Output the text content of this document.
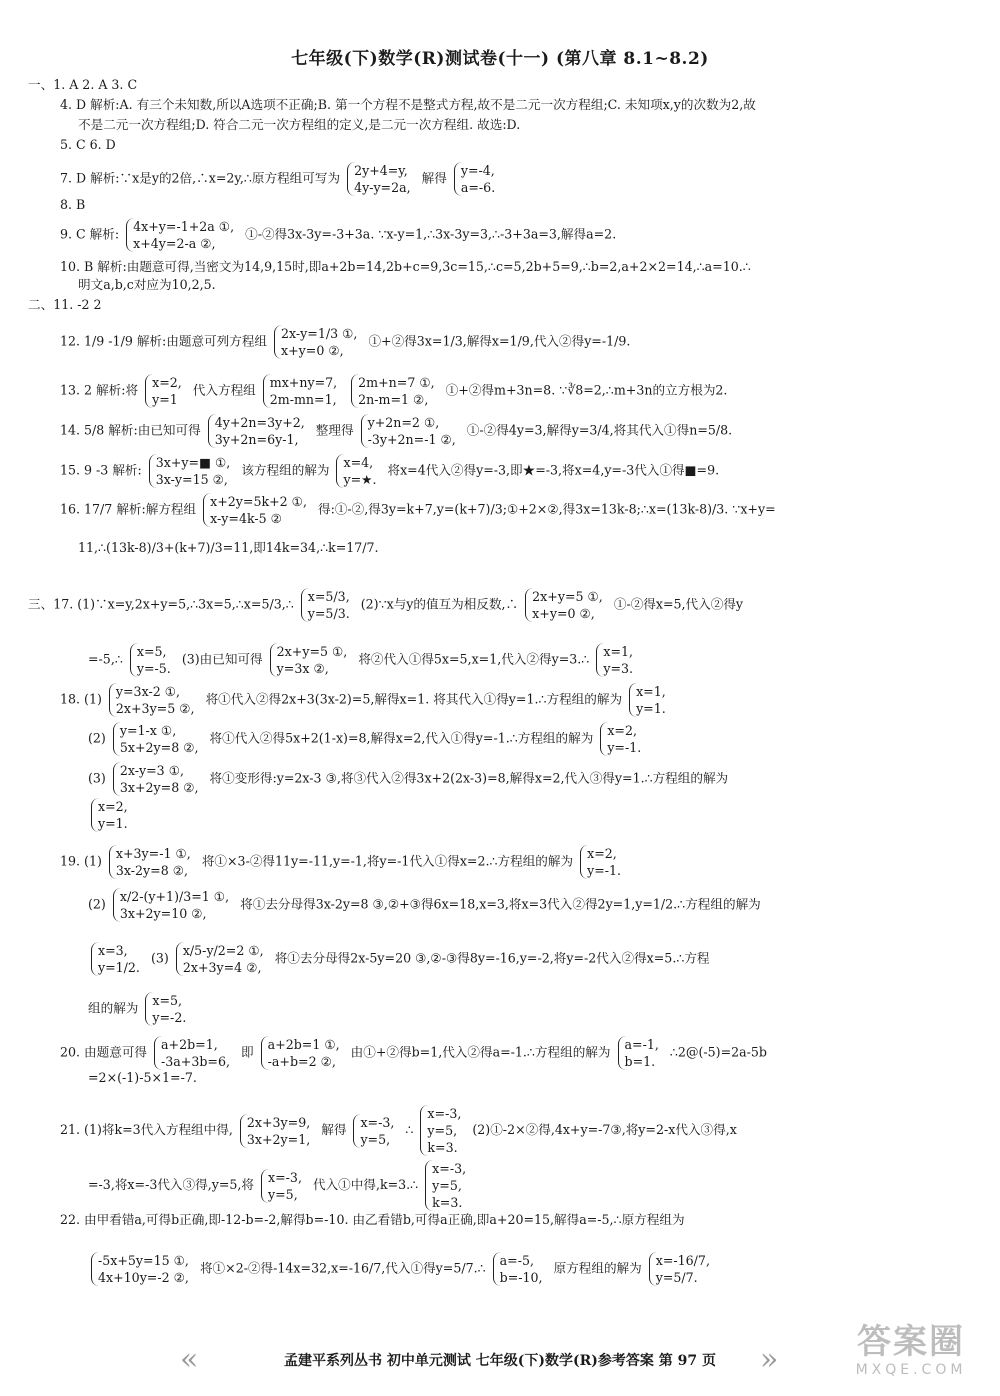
七年级(下)数学(R)测试卷(十一) (第八章 8.1~8.2)
一、1. A 2. A 3. C
4. D 解析:A. 有三个未知数,所以A选项不正确;B. 第一个方程不是整式方程,故不是二元一次方程组;C. 未知项x,y的次数为2,故
不是二元一次方程组;D. 符合二元一次方程组的定义,是二元一次方程组. 故选:D.
5. C 6. D
7. D 解析:∵x是y的2倍,∴x=2y,∴原方程组可写为 2y+4=y,
4y-y=2a,
解得 y=-4,
a=-6.
8. B
9. C 解析: 4x+y=-1+2a ①,
x+4y=2-a ②,
①-②得3x-3y=-3+3a. ∵x-y=1,∴3x-3y=3,∴-3+3a=3,解得a=2.
10. B 解析:由题意可得,当密文为14,9,15时,即a+2b=14,2b+c=9,3c=15,∴c=5,2b+5=9,∴b=2,a+2×2=14,∴a=10.∴
明文a,b,c对应为10,2,5.
二、11. -2 2
12. 1/9 -1/9 解析:由题意可列方程组 2x-y=1/3 ①,
x+y=0 ②,
①+②得3x=1/3,解得x=1/9,代入②得y=-1/9.
13. 2 解析:将 x=2,
y=1
代入方程组 mx+ny=7,
2m-mn=1,

2m+n=7 ①,
2n-m=1 ②,
①+②得m+3n=8. ∵∛8=2,∴m+3n的立方根为2.
14. 5/8 解析:由已知可得 4y+2n=3y+2,
3y+2n=6y-1,
整理得 y+2n=2 ①,
-3y+2n=-1 ②,
①-②得4y=3,解得y=3/4,将其代入①得n=5/8.
15. 9 -3 解析: 3x+y=■ ①,
3x-y=15 ②,
该方程组的解为 x=4,
y=★.
将x=4代入②得y=-3,即★=-3,将x=4,y=-3代入①得■=9.
16. 17/7 解析:解方程组 x+2y=5k+2 ①,
x-y=4k-5 ②
得:①-②,得3y=k+7,y=(k+7)/3;①+2×②,得3x=13k-8;∴x=(13k-8)/3. ∵x+y=
11,∴(13k-8)/3+(k+7)/3=11,即14k=34,∴k=17/7.
三、17. (1)∵x=y,2x+y=5,∴3x=5,∴x=5/3,∴ x=5/3,
y=5/3.
(2)∵x与y的值互为相反数,∴ 2x+y=5 ①,
x+y=0 ②,
①-②得x=5,代入②得y
=-5,∴ x=5,
y=-5.
(3)由已知可得 2x+y=5 ①,
y=3x ②,
将②代入①得5x=5,x=1,代入②得y=3.∴ x=1,
y=3.
18. (1) y=3x-2 ①,
2x+3y=5 ②,
将①代入②得2x+3(3x-2)=5,解得x=1. 将其代入①得y=1.∴方程组的解为 x=1,
y=1.
(2) y=1-x ①,
5x+2y=8 ②,
将①代入②得5x+2(1-x)=8,解得x=2,代入①得y=-1.∴方程组的解为 x=2,
y=-1.
(3) 2x-y=3 ①,
3x+2y=8 ②,
将①变形得:y=2x-3 ③,将③代入②得3x+2(2x-3)=8,解得x=2,代入③得y=1.∴方程组的解为
x=2,
y=1.
19. (1) x+3y=-1 ①,
3x-2y=8 ②,
将①×3-②得11y=-11,y=-1,将y=-1代入①得x=2.∴方程组的解为 x=2,
y=-1.
(2) x/2-(y+1)/3=1 ①,
3x+2y=10 ②,
将①去分母得3x-2y=8 ③,②+③得6x=18,x=3,将x=3代入②得2y=1,y=1/2.∴方程组的解为
x=3,
y=1/2.
(3) x/5-y/2=2 ①,
2x+3y=4 ②,
将①去分母得2x-5y=20 ③,②-③得8y=-16,y=-2,将y=-2代入②得x=5.∴方程
组的解为 x=5,
y=-2.
20. 由题意可得 a+2b=1,
-3a+3b=6,
即 a+2b=1 ①,
-a+b=2 ②,
由①+②得b=1,代入②得a=-1.∴方程组的解为 a=-1,
b=1.
∴2@(-5)=2a-5b
=2×(-1)-5×1=-7.
21. (1)将k=3代入方程组中得, 2x+3y=9,
3x+2y=1,
解得 x=-3,
y=5,
∴
x=-3,
y=5,
k=3.
(2)①-2×②得,4x+y=-7③,将y=2-x代入③得,x
=-3,将x=-3代入③得,y=5,将 x=-3,
y=5,
代入①中得,k=3.∴
x=-3,
y=5,
k=3.
22. 由甲看错a,可得b正确,即-12-b=-2,解得b=-10. 由乙看错b,可得a正确,即a+20=15,解得a=-5,∴原方程组为
-5x+5y=15 ①,
4x+10y=-2 ②,
将①×2-②得-14x=32,x=-16/7,代入①得y=5/7.∴ a=-5,
b=-10,
原方程组的解为 x=-16/7,
y=5/7.
«	孟建平系列丛书 初中单元测试 七年级(下)数学(R)参考答案 第 97 页	»	答案圈
MXQE.COM
